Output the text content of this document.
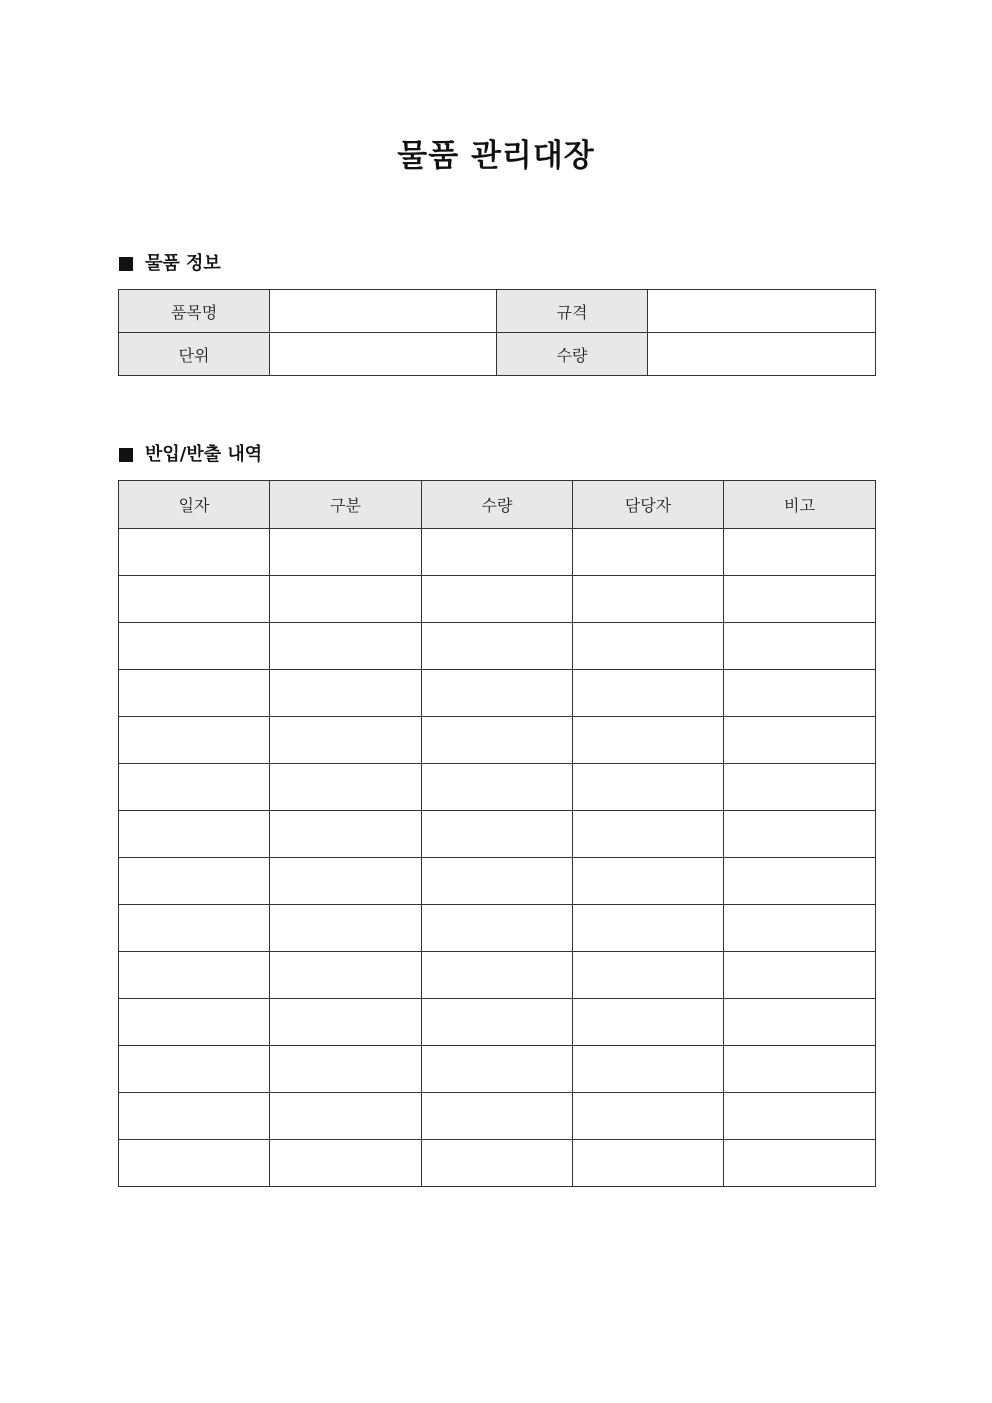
물품 관리대장
물품 정보
품목명		규격	
단위		수량	
반입/반출 내역
일자	구분	수량	담당자	비고
